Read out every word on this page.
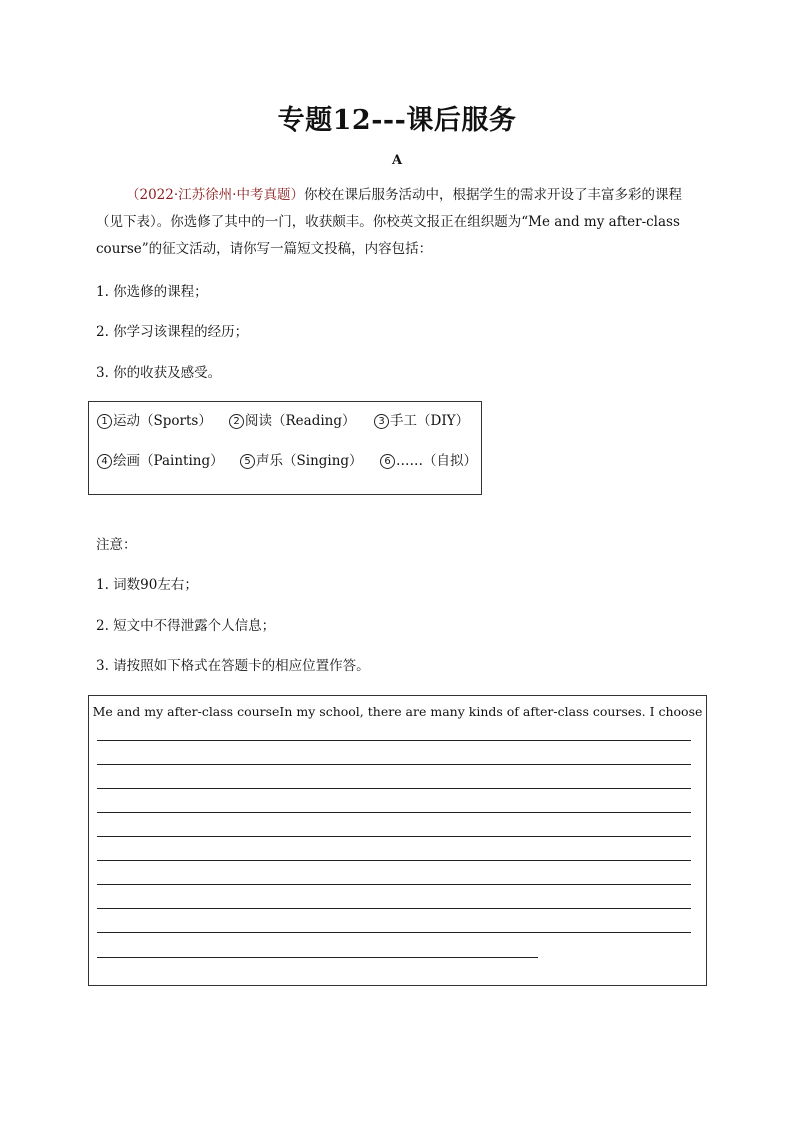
专题12---课后服务
A
（2022·江苏徐州·中考真题）你校在课后服务活动中，根据学生的需求开设了丰富多彩的课程（见下表）。你选修了其中的一门，收获颇丰。你校英文报正在组织题为“Me and my after-class course”的征文活动，请你写一篇短文投稿，内容包括：
1. 你选修的课程；
2. 你学习该课程的经历；
3. 你的收获及感受。
1 运动（Sports）	2 阅读（Reading）	3 手工（DIY）
4 绘画（Painting）	5 声乐（Singing）	6 ……（自拟）
注意：
1. 词数90左右；
2. 短文中不得泄露个人信息；
3. 请按照如下格式在答题卡的相应位置作答。
Me and my after-class courseIn my school, there are many kinds of after-class courses. I choose
